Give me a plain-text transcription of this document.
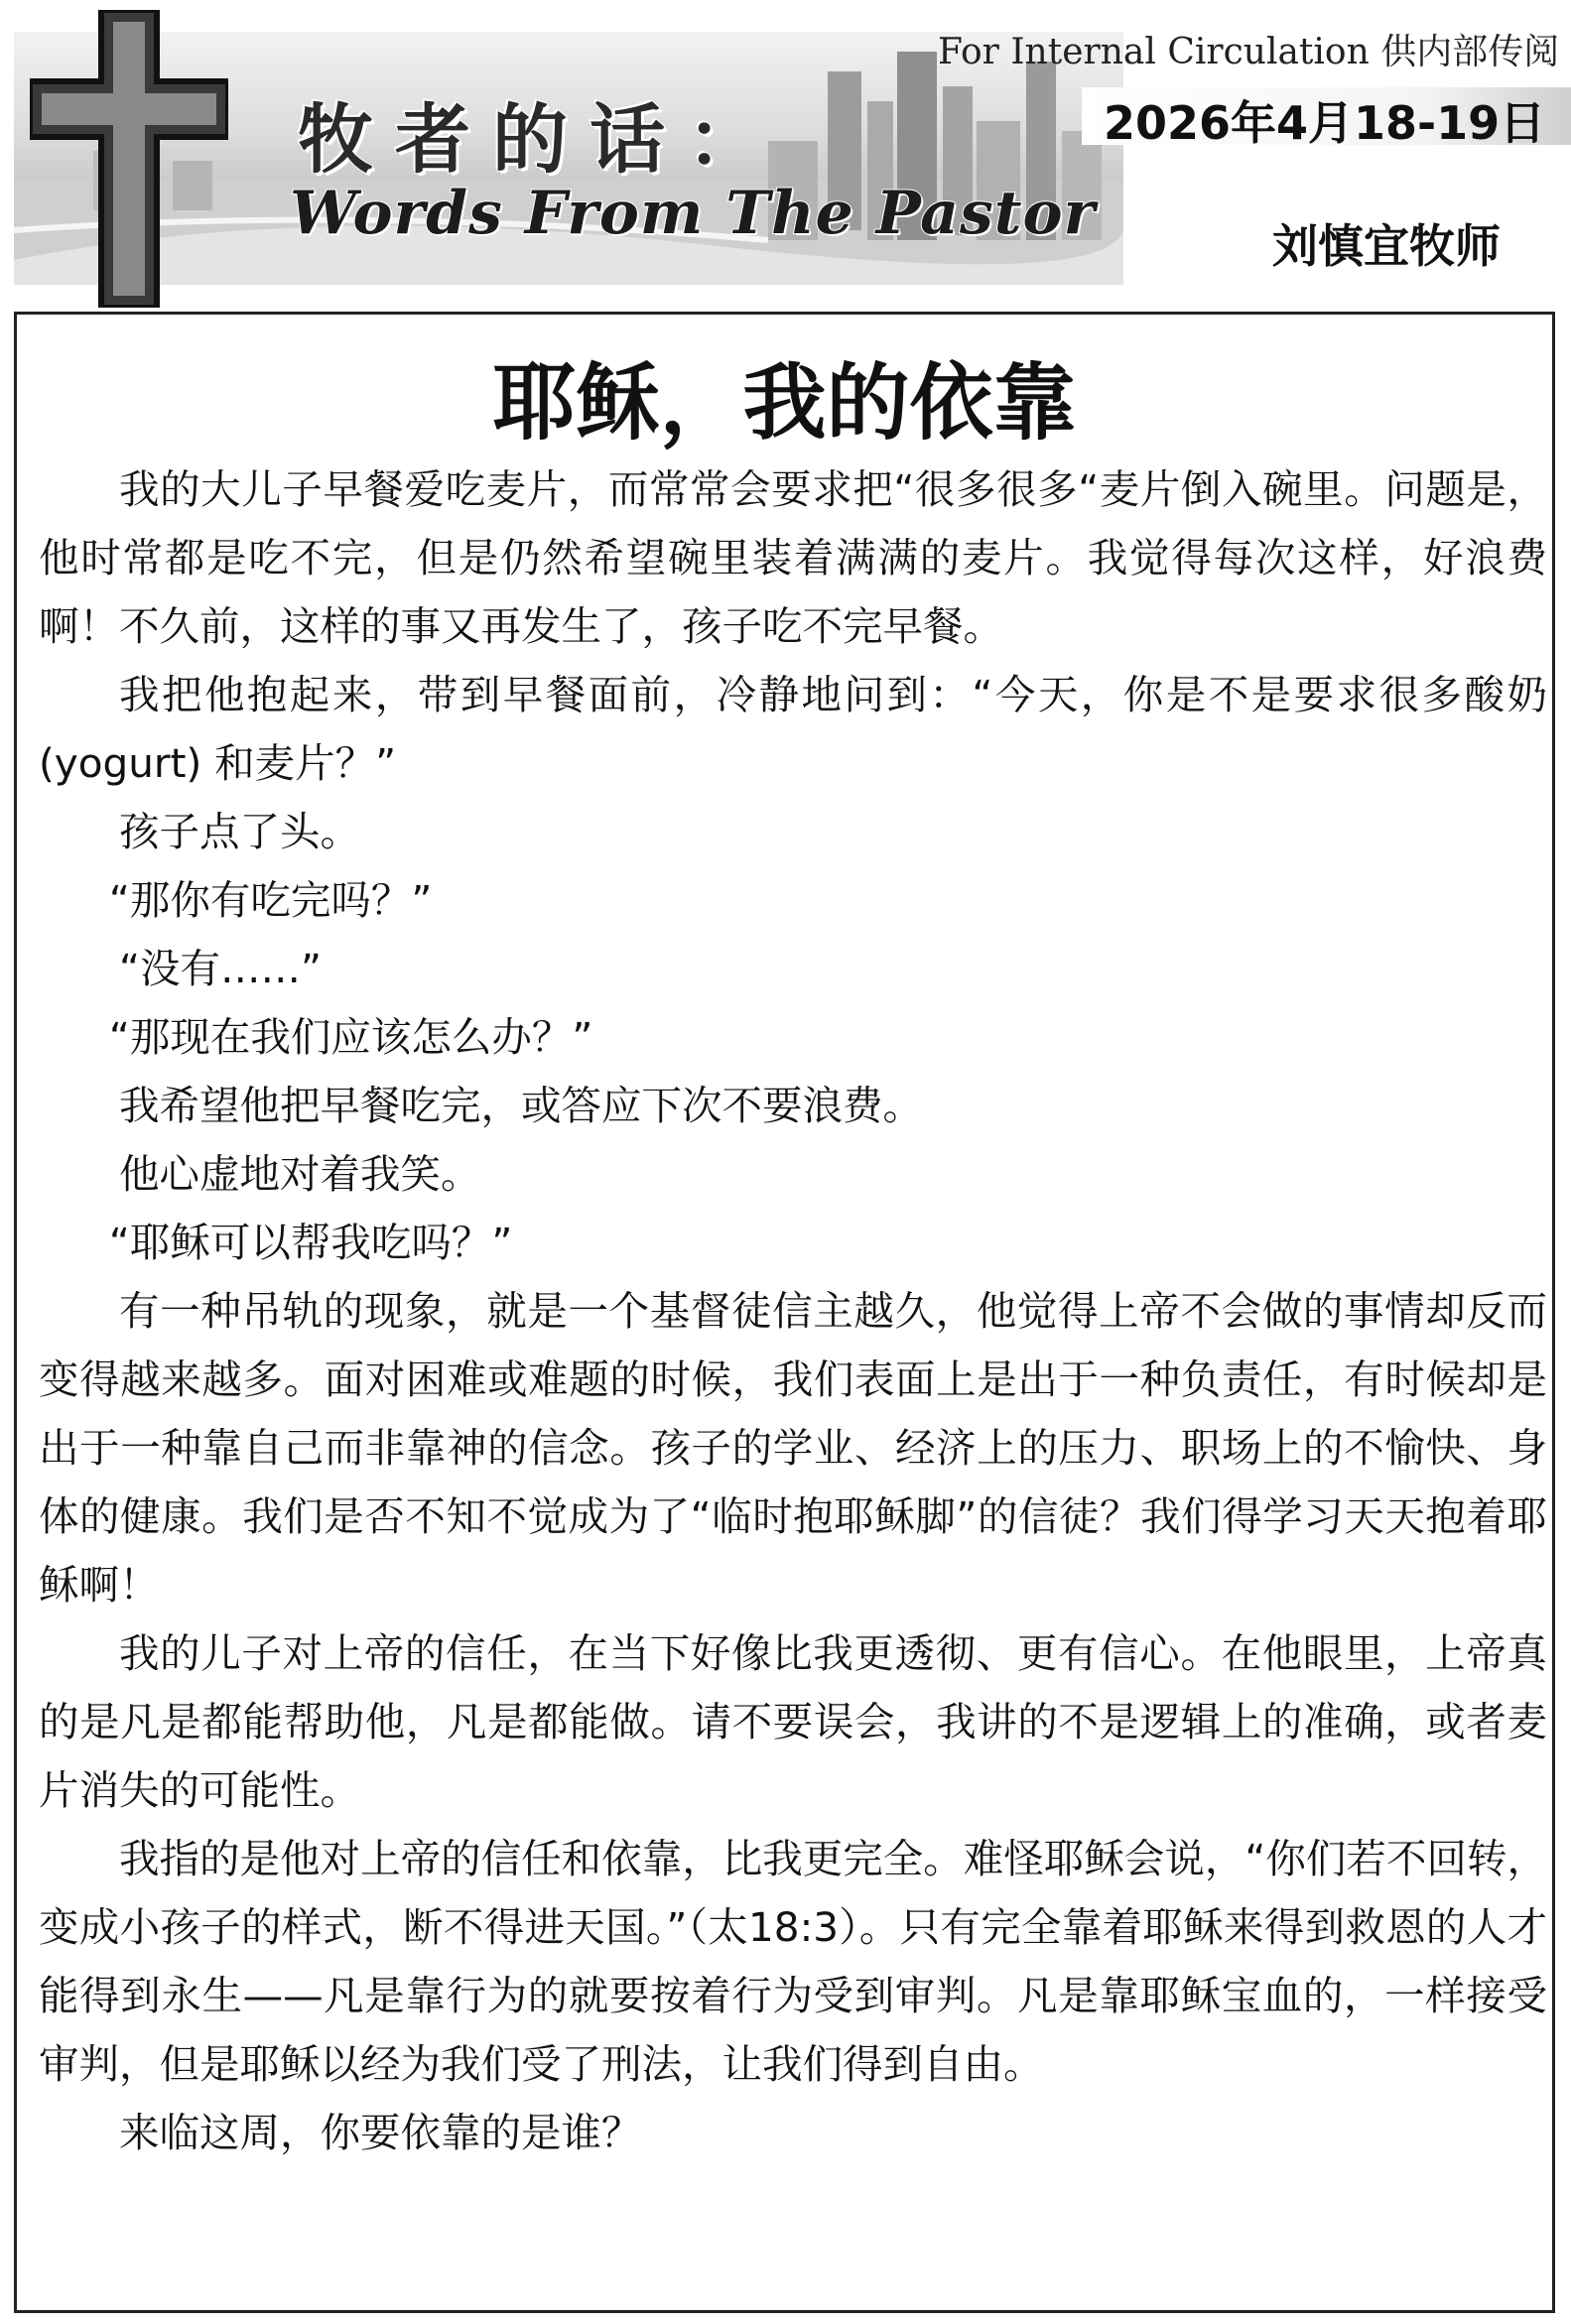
牧者的话：
Words From The Pastor
For Internal Circulation 供内部传阅
2026年4月18-19日
刘慎宜牧师
耶稣，我的依靠

我的大儿子早餐爱吃麦片，而常常会要求把“很多很多“麦片倒入碗里。问题是，他时常都是吃不完，但是仍然希望碗里装着满满的麦片。我觉得每次这样，好浪费啊！不久前，这样的事又再发生了，孩子吃不完早餐。

我把他抱起来，带到早餐面前，冷静地问到：“今天，你是不是要求很多酸奶(yogurt) 和麦片？”

孩子点了头。

“那你有吃完吗？”

“没有……”

“那现在我们应该怎么办？”

我希望他把早餐吃完，或答应下次不要浪费。

他心虚地对着我笑。

“耶稣可以帮我吃吗？”

有一种吊轨的现象，就是一个基督徒信主越久，他觉得上帝不会做的事情却反而变得越来越多。面对困难或难题的时候，我们表面上是出于一种负责任，有时候却是出于一种靠自己而非靠神的信念。孩子的学业、经济上的压力、职场上的不愉快、身体的健康。我们是否不知不觉成为了“临时抱耶稣脚”的信徒？我们得学习天天抱着耶稣啊！

我的儿子对上帝的信任，在当下好像比我更透彻、更有信心。在他眼里，上帝真的是凡是都能帮助他，凡是都能做。请不要误会，我讲的不是逻辑上的准确，或者麦片消失的可能性。

我指的是他对上帝的信任和依靠，比我更完全。难怪耶稣会说，“你们若不回转，变成小孩子的样式，断不得进天国。”（太18:3）。只有完全靠着耶稣来得到救恩的人才能得到永生——凡是靠行为的就要按着行为受到审判。凡是靠耶稣宝血的，一样接受审判，但是耶稣以经为我们受了刑法，让我们得到自由。

来临这周，你要依靠的是谁？
